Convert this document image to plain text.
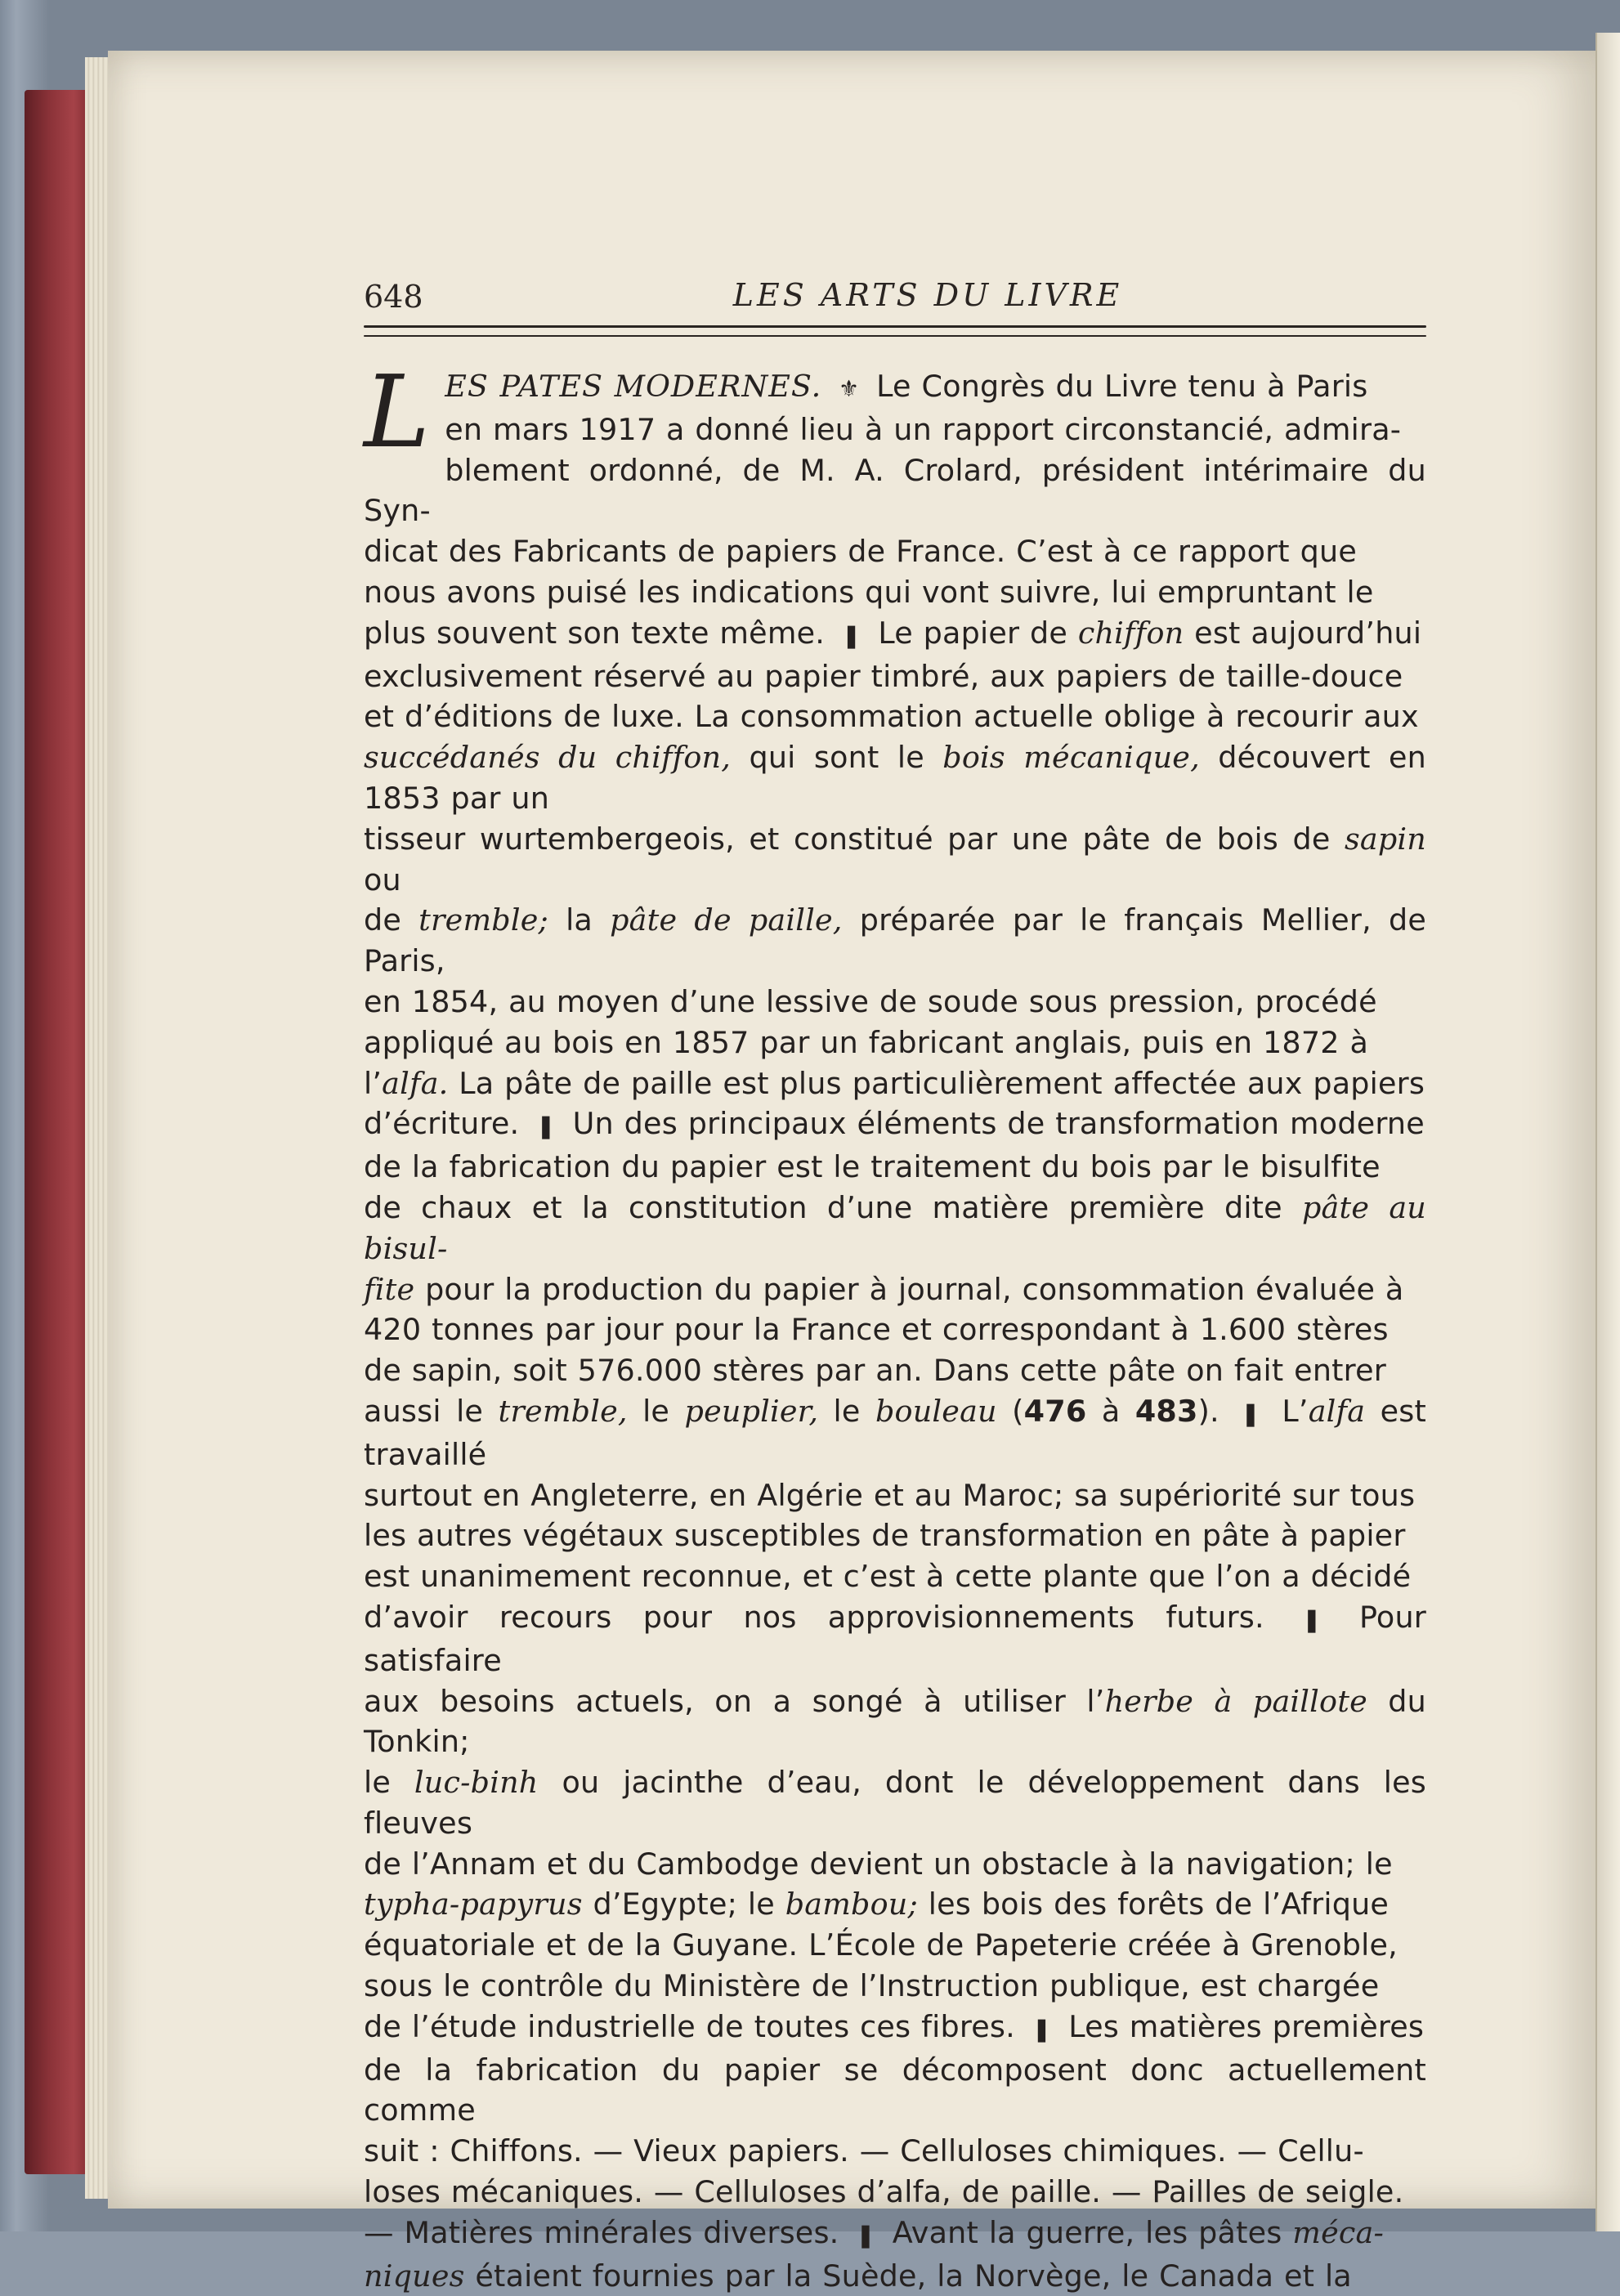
648	LES ARTS DU LIVRE
L ES PATES MODERNES. ⚜ Le Congrès du Livre tenu à Paris
en mars 1917 a donné lieu à un rapport circonstancié, admira-
blement ordonné, de M. A. Crolard, président intérimaire du Syn-
dicat des Fabricants de papiers de France. C’est à ce rapport que
nous avons puisé les indications qui vont suivre, lui empruntant le
plus souvent son texte même. ❚ Le papier de chiffon est aujourd’hui
exclusivement réservé au papier timbré, aux papiers de taille-douce
et d’éditions de luxe. La consommation actuelle oblige à recourir aux
succédanés du chiffon, qui sont le bois mécanique, découvert en 1853 par un
tisseur wurtembergeois, et constitué par une pâte de bois de sapin ou
de tremble; la pâte de paille, préparée par le français Mellier, de Paris,
en 1854, au moyen d’une lessive de soude sous pression, procédé
appliqué au bois en 1857 par un fabricant anglais, puis en 1872 à
l’alfa. La pâte de paille est plus particulièrement affectée aux papiers
d’écriture. ❚ Un des principaux éléments de transformation moderne
de la fabrication du papier est le traitement du bois par le bisulfite
de chaux et la constitution d’une matière première dite pâte au bisul-
fite pour la production du papier à journal, consommation évaluée à
420 tonnes par jour pour la France et correspondant à 1.600 stères
de sapin, soit 576.000 stères par an. Dans cette pâte on fait entrer
aussi le tremble, le peuplier, le bouleau (476 à 483). ❚ L’alfa est travaillé
surtout en Angleterre, en Algérie et au Maroc; sa supériorité sur tous
les autres végétaux susceptibles de transformation en pâte à papier
est unanimement reconnue, et c’est à cette plante que l’on a décidé
d’avoir recours pour nos approvisionnements futurs. ❚ Pour satisfaire
aux besoins actuels, on a songé à utiliser l’herbe à paillote du Tonkin;
le luc-binh ou jacinthe d’eau, dont le développement dans les fleuves
de l’Annam et du Cambodge devient un obstacle à la navigation; le
typha-papyrus d’Egypte; le bambou; les bois des forêts de l’Afrique
équatoriale et de la Guyane. L’École de Papeterie créée à Grenoble,
sous le contrôle du Ministère de l’Instruction publique, est chargée
de l’étude industrielle de toutes ces fibres. ❚ Les matières premières
de la fabrication du papier se décomposent donc actuellement comme
suit : Chiffons. — Vieux papiers. — Celluloses chimiques. — Cellu-
loses mécaniques. — Celluloses d’alfa, de paille. — Pailles de seigle.
— Matières minérales diverses. ❚ Avant la guerre, les pâtes méca-
niques étaient fournies par la Suède, la Norvège, le Canada et la
